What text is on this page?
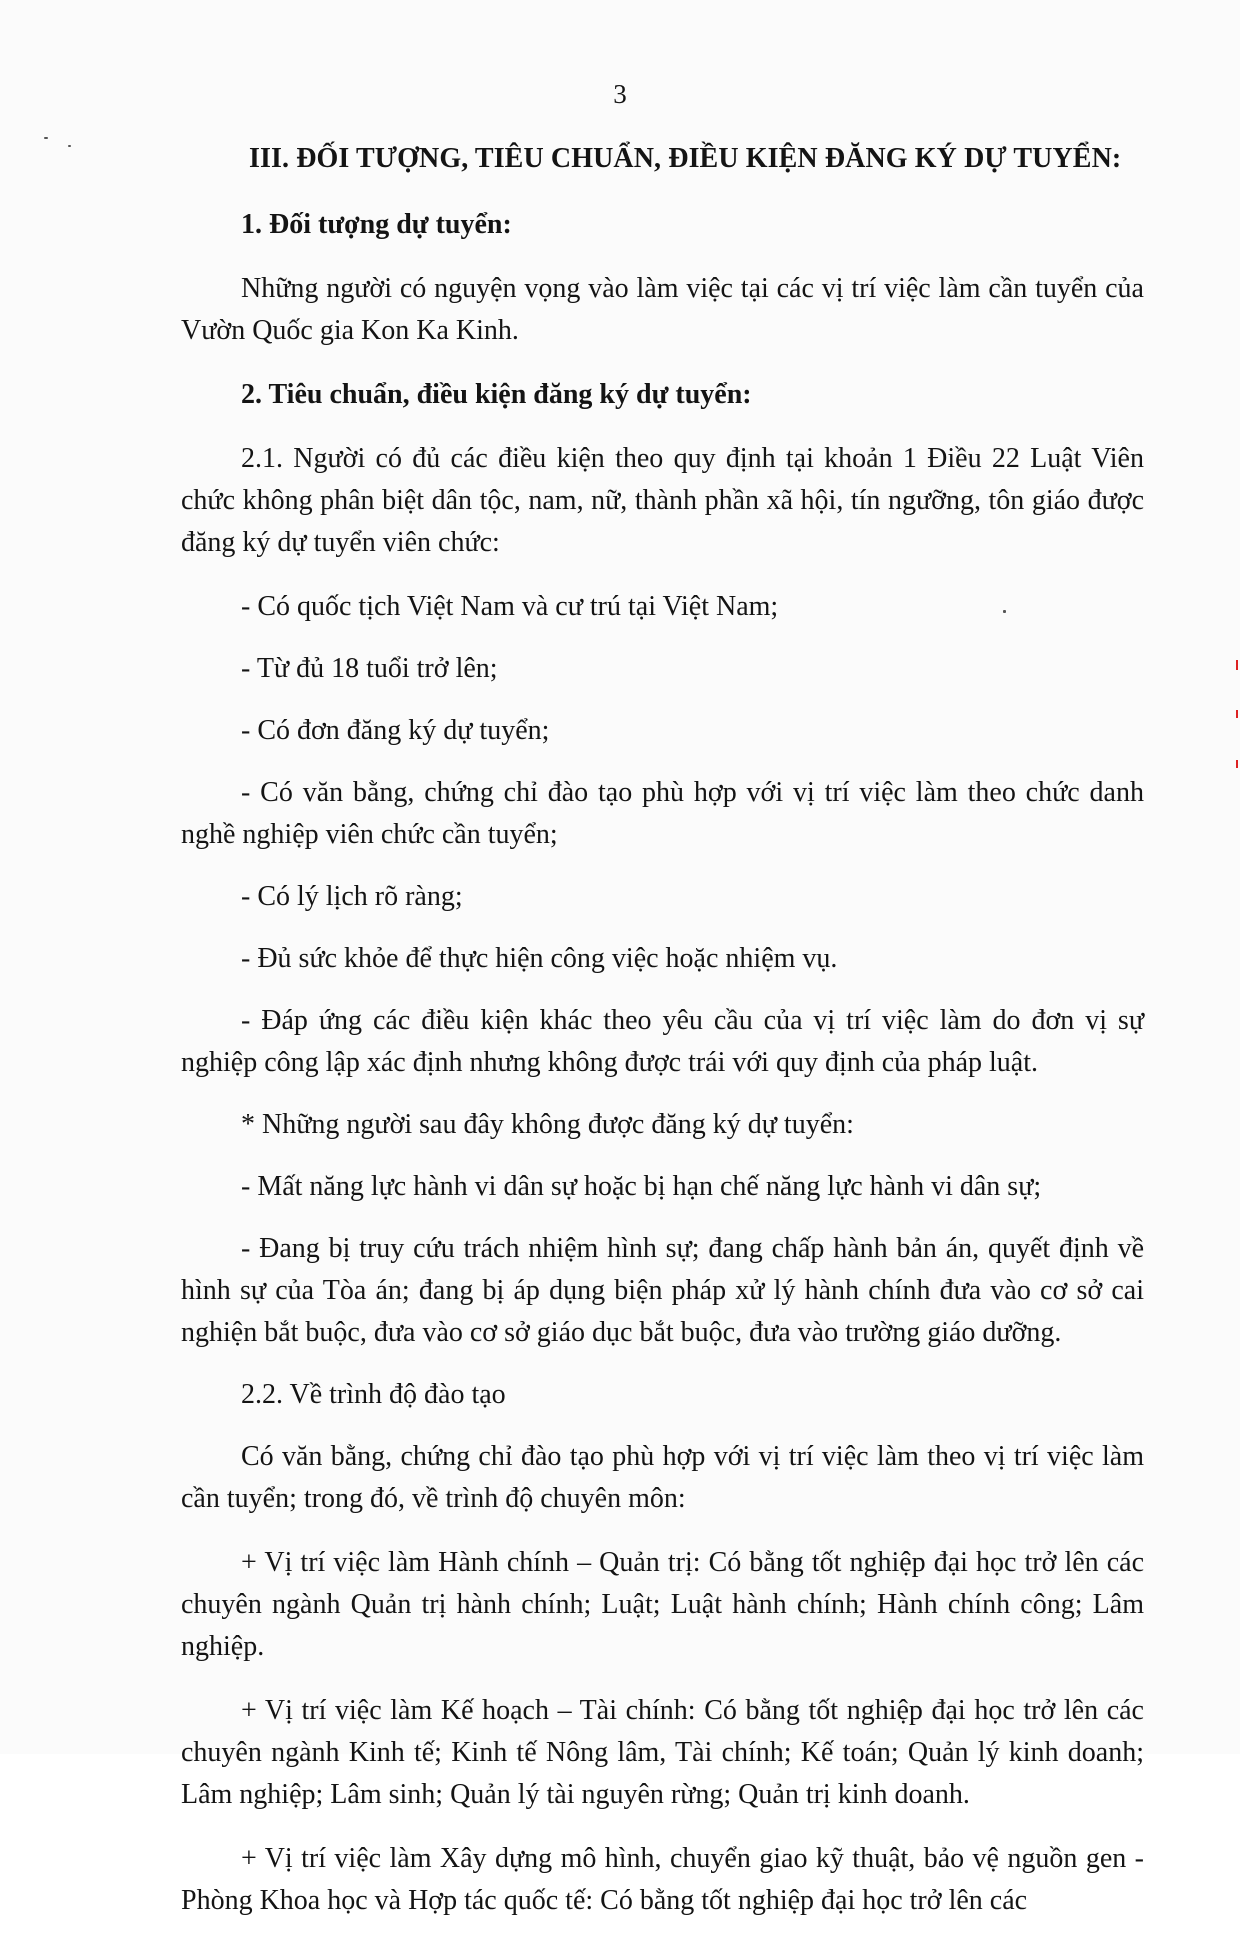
3

III. ĐỐI TƯỢNG, TIÊU CHUẨN, ĐIỀU KIỆN ĐĂNG KÝ DỰ TUYỂN:

1. Đối tượng dự tuyển:

Những người có nguyện vọng vào làm việc tại các vị trí việc làm cần tuyển của Vườn Quốc gia Kon Ka Kinh.

2. Tiêu chuẩn, điều kiện đăng ký dự tuyển:

2.1. Người có đủ các điều kiện theo quy định tại khoản 1 Điều 22 Luật Viên chức không phân biệt dân tộc, nam, nữ, thành phần xã hội, tín ngưỡng, tôn giáo được đăng ký dự tuyển viên chức:

- Có quốc tịch Việt Nam và cư trú tại Việt Nam;

- Từ đủ 18 tuổi trở lên;

- Có đơn đăng ký dự tuyển;

- Có văn bằng, chứng chỉ đào tạo phù hợp với vị trí việc làm theo chức danh nghề nghiệp viên chức cần tuyển;

- Có lý lịch rõ ràng;

- Đủ sức khỏe để thực hiện công việc hoặc nhiệm vụ.

- Đáp ứng các điều kiện khác theo yêu cầu của vị trí việc làm do đơn vị sự nghiệp công lập xác định nhưng không được trái với quy định của pháp luật.

* Những người sau đây không được đăng ký dự tuyển:

- Mất năng lực hành vi dân sự hoặc bị hạn chế năng lực hành vi dân sự;

- Đang bị truy cứu trách nhiệm hình sự; đang chấp hành bản án, quyết định về hình sự của Tòa án; đang bị áp dụng biện pháp xử lý hành chính đưa vào cơ sở cai nghiện bắt buộc, đưa vào cơ sở giáo dục bắt buộc, đưa vào trường giáo dưỡng.

2.2. Về trình độ đào tạo

Có văn bằng, chứng chỉ đào tạo phù hợp với vị trí việc làm theo vị trí việc làm cần tuyển; trong đó, về trình độ chuyên môn:

+ Vị trí việc làm Hành chính – Quản trị: Có bằng tốt nghiệp đại học trở lên các chuyên ngành Quản trị hành chính; Luật; Luật hành chính; Hành chính công; Lâm nghiệp.

+ Vị trí việc làm Kế hoạch – Tài chính: Có bằng tốt nghiệp đại học trở lên các chuyên ngành Kinh tế; Kinh tế Nông lâm, Tài chính; Kế toán; Quản lý kinh doanh; Lâm nghiệp; Lâm sinh; Quản lý tài nguyên rừng; Quản trị kinh doanh.

+ Vị trí việc làm Xây dựng mô hình, chuyển giao kỹ thuật, bảo vệ nguồn gen - Phòng Khoa học và Hợp tác quốc tế: Có bằng tốt nghiệp đại học trở lên các
